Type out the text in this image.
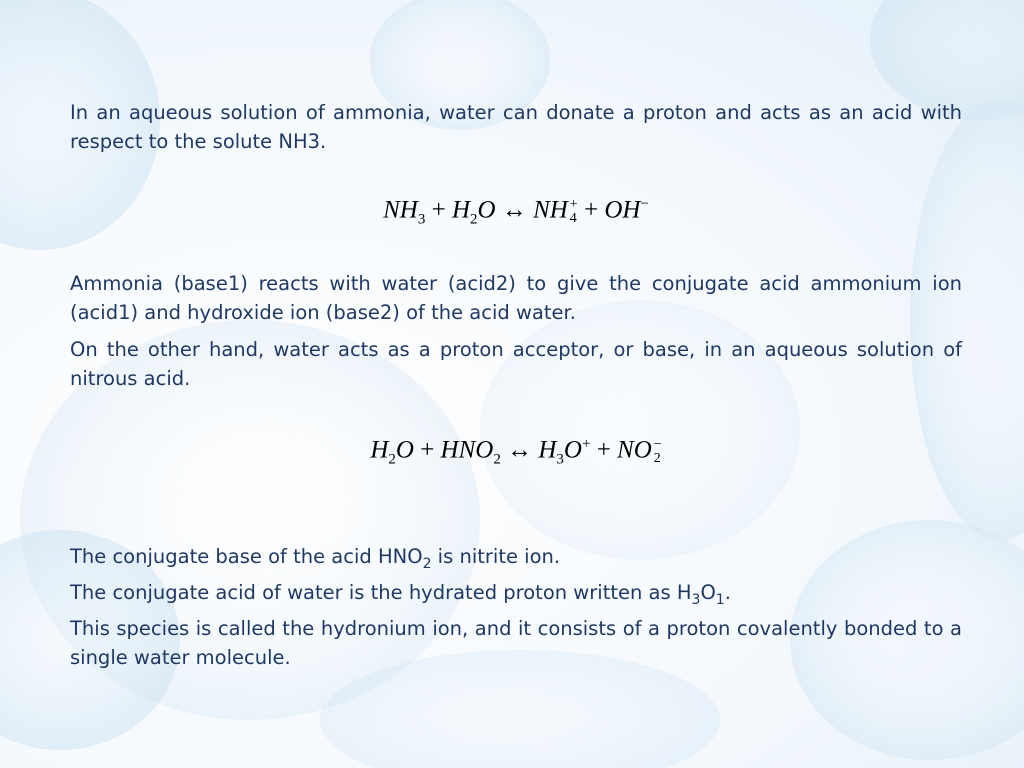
In an aqueous solution of ammonia, water can donate a proton and acts as an acid with respect to the solute NH3.

$NH_3 + H_2O$ ↔ NH +
4 + OH−

Ammonia (base1) reacts with water (acid2) to give the conjugate acid ammonium ion (acid1) and hydroxide ion (base2) of the acid water.

On the other hand, water acts as a proton acceptor, or base, in an aqueous solution of nitrous acid.

$H_2O + HNO_2$ ↔ $H_3O^+$ + NO −
2

The conjugate base of the acid $HNO_2$ is nitrite ion.

The conjugate acid of water is the hydrated proton written as $H_3O_1$.

This species is called the hydronium ion, and it consists of a proton covalently bonded to a single water molecule.
